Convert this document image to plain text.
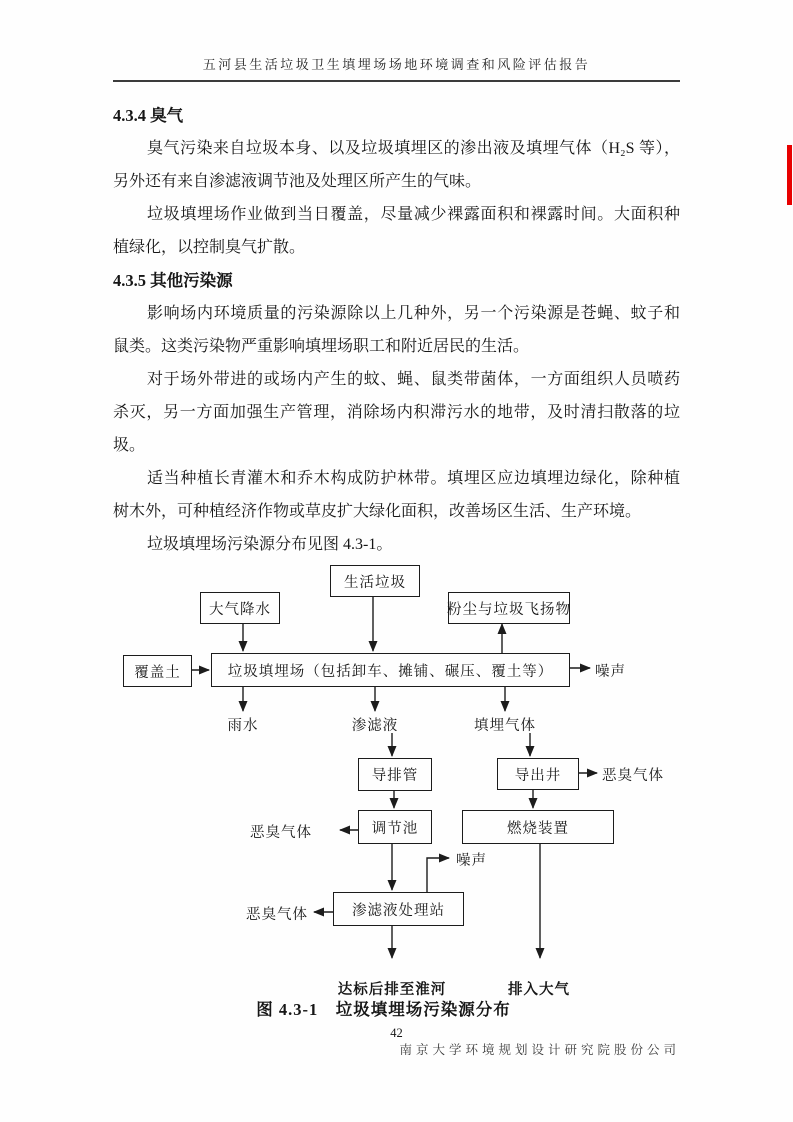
五河县生活垃圾卫生填埋场场地环境调查和风险评估报告
4.3.4 臭气
臭气污染来自垃圾本身、以及垃圾填埋区的渗出液及填埋气体（H₂S 等），
另外还有来自渗滤液调节池及处理区所产生的气味。
垃圾填埋场作业做到当日覆盖，尽量减少裸露面积和裸露时间。大面积种
植绿化，以控制臭气扩散。
4.3.5 其他污染源
影响场内环境质量的污染源除以上几种外，另一个污染源是苍蝇、蚊子和
鼠类。这类污染物严重影响填埋场职工和附近居民的生活。
对于场外带进的或场内产生的蚊、蝇、鼠类带菌体，一方面组织人员喷药
杀灭，另一方面加强生产管理，消除场内积滞污水的地带，及时清扫散落的垃
圾。
适当种植长青灌木和乔木构成防护林带。填埋区应边填埋边绿化，除种植
树木外，可种植经济作物或草皮扩大绿化面积，改善场区生活、生产环境。
垃圾填埋场污染源分布见图 4.3-1。
生活垃圾
大气降水	粉尘与垃圾飞扬物
覆盖土	垃圾填埋场（包括卸车、摊铺、碾压、覆土等）
导排管	导出井
调节池	燃烧装置
渗滤液处理站
噪声
雨水	渗滤液	填埋气体
恶臭气体
恶臭气体
噪声
恶臭气体
达标后排至淮河	排入大气
图 4.3-1　垃圾填埋场污染源分布
42
南京大学环境规划设计研究院股份公司
